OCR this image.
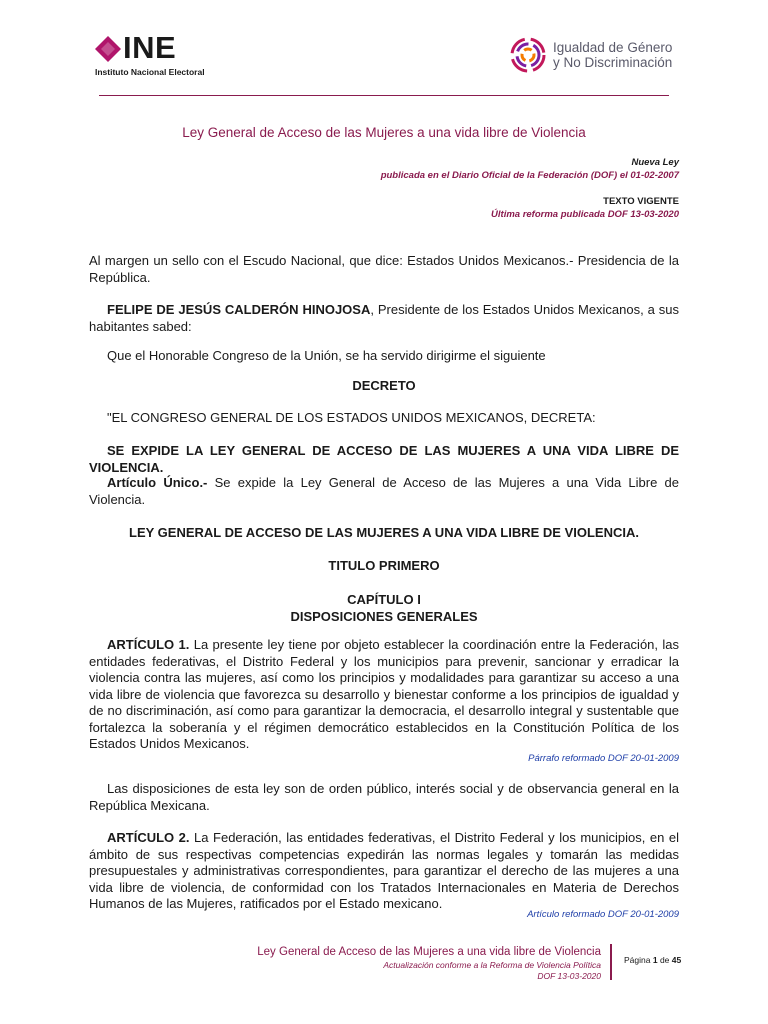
INE
Instituto Nacional Electoral
Igualdad de Género
y No Discriminación
Ley General de Acceso de las Mujeres a una vida libre de Violencia
Nueva Ley
publicada en el Diario Oficial de la Federación (DOF) el 01-02-2007
TEXTO VIGENTE
Última reforma publicada DOF 13-03-2020
Al margen un sello con el Escudo Nacional, que dice: Estados Unidos Mexicanos.- Presidencia de la República.
FELIPE DE JESÚS CALDERÓN HINOJOSA, Presidente de los Estados Unidos Mexicanos, a sus habitantes sabed:
Que el Honorable Congreso de la Unión, se ha servido dirigirme el siguiente
DECRETO
"EL CONGRESO GENERAL DE LOS ESTADOS UNIDOS MEXICANOS, DECRETA:
SE EXPIDE LA LEY GENERAL DE ACCESO DE LAS MUJERES A UNA VIDA LIBRE DE VIOLENCIA.
Artículo Único.- Se expide la Ley General de Acceso de las Mujeres a una Vida Libre de Violencia.
LEY GENERAL DE ACCESO DE LAS MUJERES A UNA VIDA LIBRE DE VIOLENCIA.
TITULO PRIMERO
CAPÍTULO I
DISPOSICIONES GENERALES
ARTÍCULO 1. La presente ley tiene por objeto establecer la coordinación entre la Federación, las entidades federativas, el Distrito Federal y los municipios para prevenir, sancionar y erradicar la violencia contra las mujeres, así como los principios y modalidades para garantizar su acceso a una vida libre de violencia que favorezca su desarrollo y bienestar conforme a los principios de igualdad y de no discriminación, así como para garantizar la democracia, el desarrollo integral y sustentable que fortalezca la soberanía y el régimen democrático establecidos en la Constitución Política de los Estados Unidos Mexicanos.
Párrafo reformado DOF 20-01-2009
Las disposiciones de esta ley son de orden público, interés social y de observancia general en la República Mexicana.
ARTÍCULO 2. La Federación, las entidades federativas, el Distrito Federal y los municipios, en el ámbito de sus respectivas competencias expedirán las normas legales y tomarán las medidas presupuestales y administrativas correspondientes, para garantizar el derecho de las mujeres a una vida libre de violencia, de conformidad con los Tratados Internacionales en Materia de Derechos Humanos de las Mujeres, ratificados por el Estado mexicano.
Artículo reformado DOF 20-01-2009
Ley General de Acceso de las Mujeres a una vida libre de Violencia
Actualización conforme a la Reforma de Violencia Política
DOF 13-03-2020
Página 1 de 45
